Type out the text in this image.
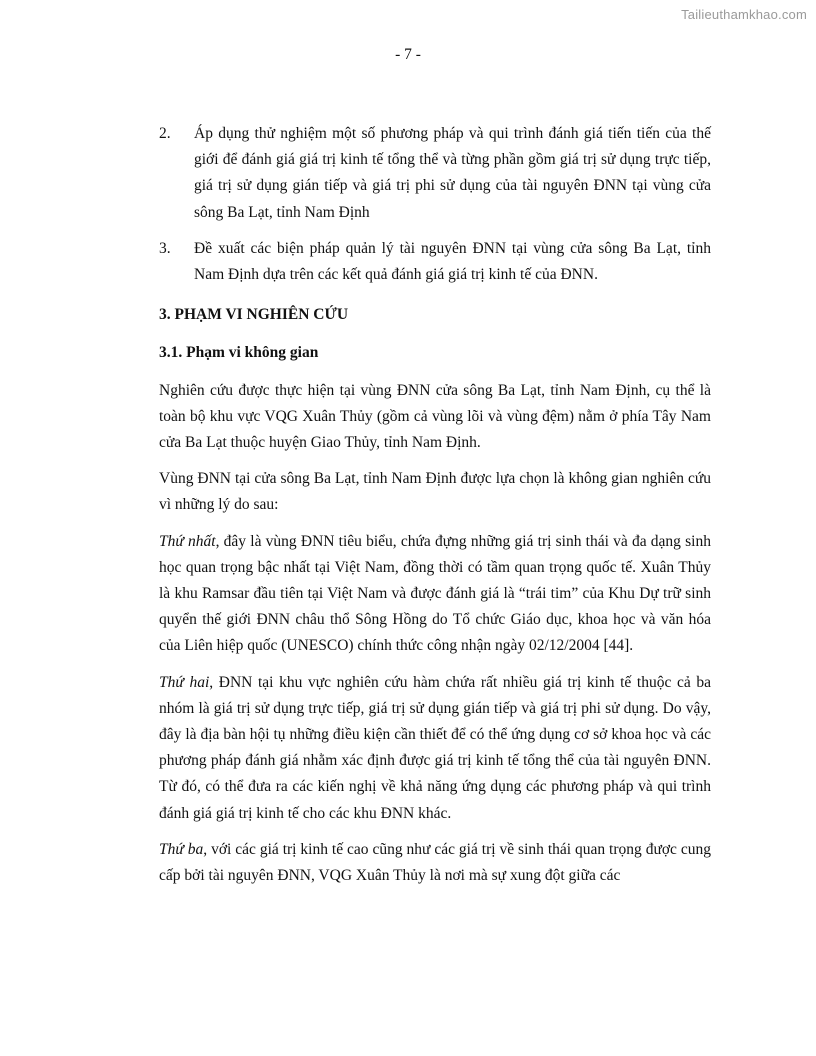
Tailieuthamkhao.com
- 7 -
2.	Áp dụng thử nghiệm một số phương pháp và qui trình đánh giá tiến tiến của thế giới để đánh giá giá trị kinh tế tổng thể và từng phần gồm giá trị sử dụng trực tiếp, giá trị sử dụng gián tiếp và giá trị phi sử dụng của tài nguyên ĐNN tại vùng cửa sông Ba Lạt, tỉnh Nam Định
3.	Đề xuất các biện pháp quản lý tài nguyên ĐNN tại vùng cửa sông Ba Lạt, tỉnh Nam Định dựa trên các kết quả đánh giá giá trị kinh tế của ĐNN.
3. PHẠM VI NGHIÊN CỨU
3.1. Phạm vi không gian

Nghiên cứu được thực hiện tại vùng ĐNN cửa sông Ba Lạt, tỉnh Nam Định, cụ thể là toàn bộ khu vực VQG Xuân Thủy (gồm cả vùng lõi và vùng đệm) nằm ở phía Tây Nam cửa Ba Lạt thuộc huyện Giao Thủy, tỉnh Nam Định.

Vùng ĐNN tại cửa sông Ba Lạt, tỉnh Nam Định được lựa chọn là không gian nghiên cứu vì những lý do sau:

Thứ nhất, đây là vùng ĐNN tiêu biểu, chứa đựng những giá trị sinh thái và đa dạng sinh học quan trọng bậc nhất tại Việt Nam, đồng thời có tầm quan trọng quốc tế. Xuân Thủy là khu Ramsar đầu tiên tại Việt Nam và được đánh giá là “trái tim” của Khu Dự trữ sinh quyển thế giới ĐNN châu thổ Sông Hồng do Tổ chức Giáo dục, khoa học và văn hóa của Liên hiệp quốc (UNESCO) chính thức công nhận ngày 02/12/2004 [44].

Thứ hai, ĐNN tại khu vực nghiên cứu hàm chứa rất nhiều giá trị kinh tế thuộc cả ba nhóm là giá trị sử dụng trực tiếp, giá trị sử dụng gián tiếp và giá trị phi sử dụng. Do vậy, đây là địa bàn hội tụ những điều kiện cần thiết để có thể ứng dụng cơ sở khoa học và các phương pháp đánh giá nhằm xác định được giá trị kinh tế tổng thể của tài nguyên ĐNN. Từ đó, có thể đưa ra các kiến nghị về khả năng ứng dụng các phương pháp và qui trình đánh giá giá trị kinh tế cho các khu ĐNN khác.

Thứ ba, với các giá trị kinh tế cao cũng như các giá trị về sinh thái quan trọng được cung cấp bởi tài nguyên ĐNN, VQG Xuân Thủy là nơi mà sự xung đột giữa các
